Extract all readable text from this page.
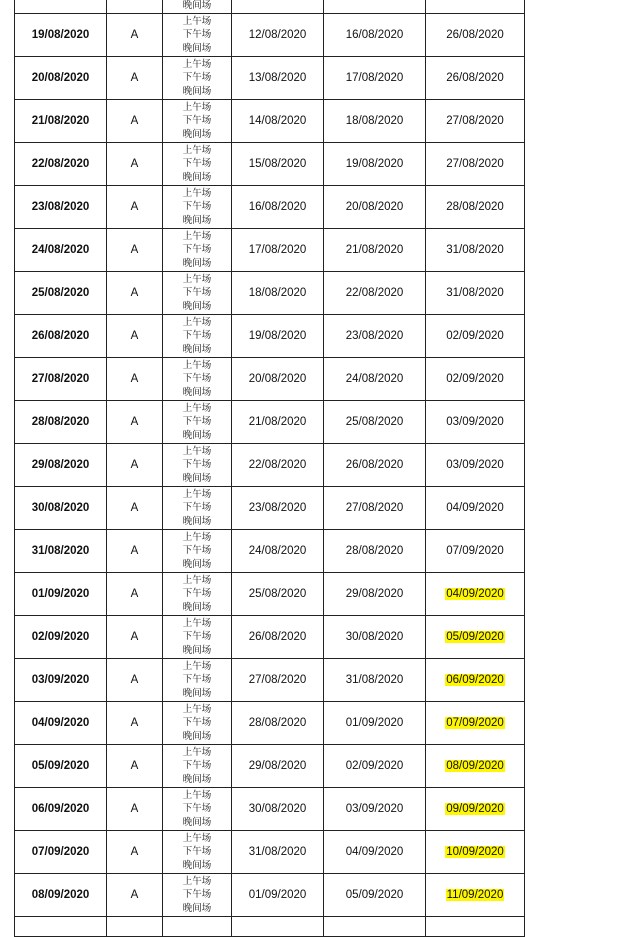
		晚间场			

19/08/2020	A	上午场
下午场
晚间场	12/08/2020	16/08/2020	26/08/2020
20/08/2020	A	上午场
下午场
晚间场	13/08/2020	17/08/2020	26/08/2020
21/08/2020	A	上午场
下午场
晚间场	14/08/2020	18/08/2020	27/08/2020
22/08/2020	A	上午场
下午场
晚间场	15/08/2020	19/08/2020	27/08/2020
23/08/2020	A	上午场
下午场
晚间场	16/08/2020	20/08/2020	28/08/2020
24/08/2020	A	上午场
下午场
晚间场	17/08/2020	21/08/2020	31/08/2020
25/08/2020	A	上午场
下午场
晚间场	18/08/2020	22/08/2020	31/08/2020
26/08/2020	A	上午场
下午场
晚间场	19/08/2020	23/08/2020	02/09/2020
27/08/2020	A	上午场
下午场
晚间场	20/08/2020	24/08/2020	02/09/2020
28/08/2020	A	上午场
下午场
晚间场	21/08/2020	25/08/2020	03/09/2020
29/08/2020	A	上午场
下午场
晚间场	22/08/2020	26/08/2020	03/09/2020
30/08/2020	A	上午场
下午场
晚间场	23/08/2020	27/08/2020	04/09/2020
31/08/2020	A	上午场
下午场
晚间场	24/08/2020	28/08/2020	07/09/2020
01/09/2020	A	上午场
下午场
晚间场	25/08/2020	29/08/2020	04/09/2020
02/09/2020	A	上午场
下午场
晚间场	26/08/2020	30/08/2020	05/09/2020
03/09/2020	A	上午场
下午场
晚间场	27/08/2020	31/08/2020	06/09/2020
04/09/2020	A	上午场
下午场
晚间场	28/08/2020	01/09/2020	07/09/2020
05/09/2020	A	上午场
下午场
晚间场	29/08/2020	02/09/2020	08/09/2020
06/09/2020	A	上午场
下午场
晚间场	30/08/2020	03/09/2020	09/09/2020
07/09/2020	A	上午场
下午场
晚间场	31/08/2020	04/09/2020	10/09/2020
08/09/2020	A	上午场
下午场
晚间场	01/09/2020	05/09/2020	11/09/2020
